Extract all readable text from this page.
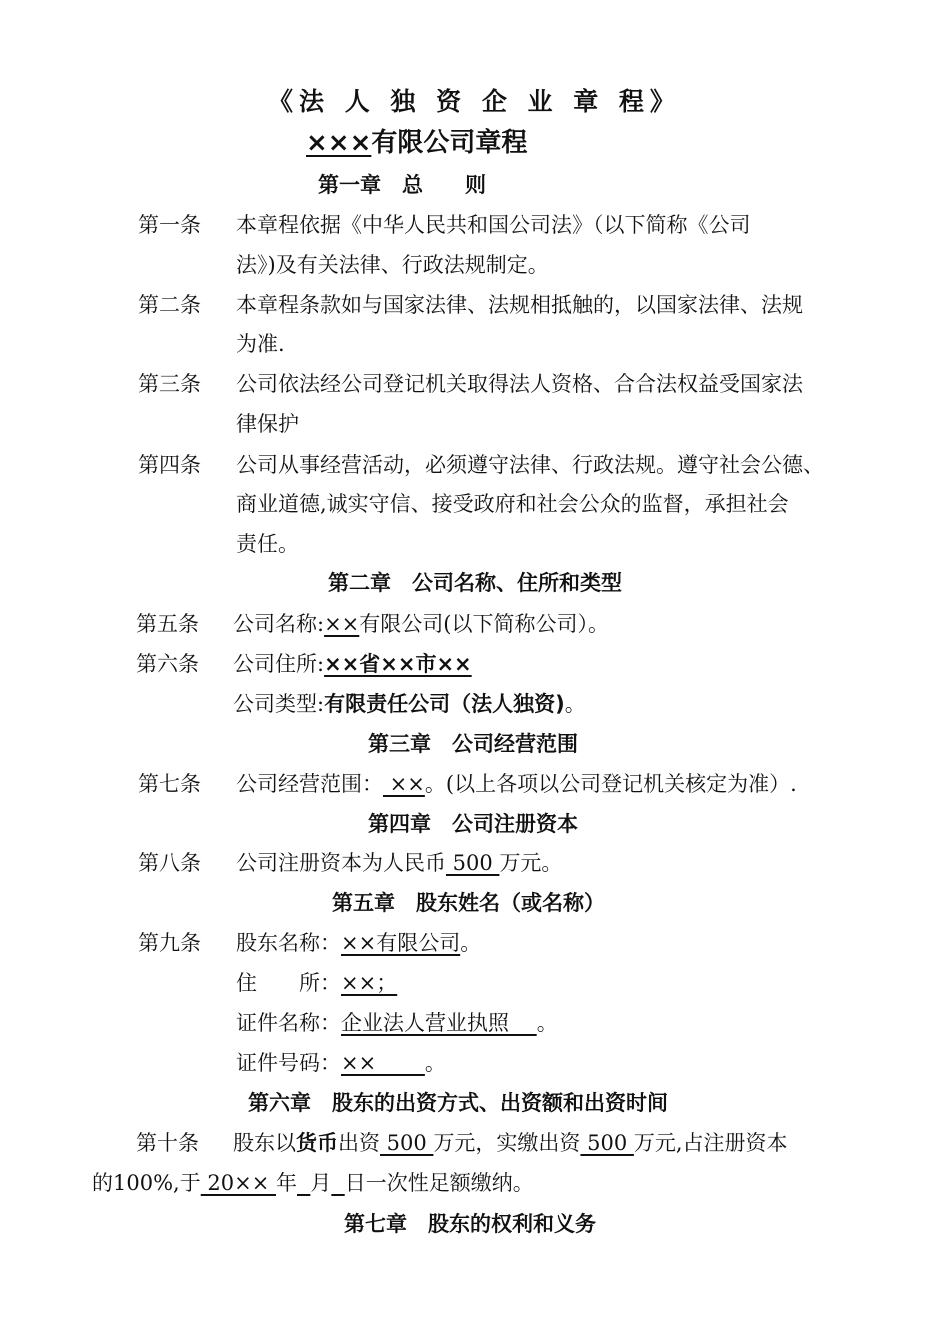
《法 人 独 资 企 业 章 程》
×××有限公司章程
第一章　总　　则
第一条 本章程依据《中华人民共和国公司法》（以下简称《公司
法》)及有关法律、行政法规制定。
第二条 本章程条款如与国家法律、法规相抵触的，以国家法律、法规
为准.
第三条 公司依法经公司登记机关取得法人资格、合合法权益受国家法
律保护
第四条 公司从事经营活动，必须遵守法律、行政法规。遵守社会公德、
商业道德,诚实守信、接受政府和社会公众的监督，承担社会
责任。
第二章　公司名称、住所和类型
第五条 公司名称:××有限公司(以下简称公司）。
第六条 公司住所:××省××市××
公司类型:有限责任公司（法人独资)。
第三章　公司经营范围
第七条 公司经营范围： ××。(以上各项以公司登记机关核定为准）.
第四章　公司注册资本
第八条 公司注册资本为人民币 500 万元。
第五章　股东姓名（或名称）
第九条 股东名称：××有限公司。
住　　所：××；
证件名称：企业法人营业执照　 。
证件号码：××　　 。
第六章　股东的出资方式、出资额和出资时间
第十条 股东以货币出资 500 万元，实缴出资 500 万元,占注册资本
的100%,于 20×× 年 月 日一次性足额缴纳。
第七章　股东的权利和义务
